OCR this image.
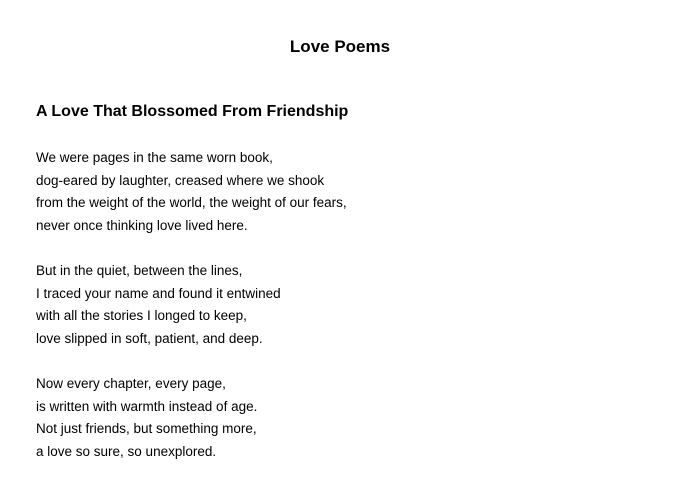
Love Poems
A Love That Blossomed From Friendship
We were pages in the same worn book,
dog-eared by laughter, creased where we shook
from the weight of the world, the weight of our fears,
never once thinking love lived here.
But in the quiet, between the lines,
I traced your name and found it entwined
with all the stories I longed to keep,
love slipped in soft, patient, and deep.
Now every chapter, every page,
is written with warmth instead of age.
Not just friends, but something more,
a love so sure, so unexplored.
